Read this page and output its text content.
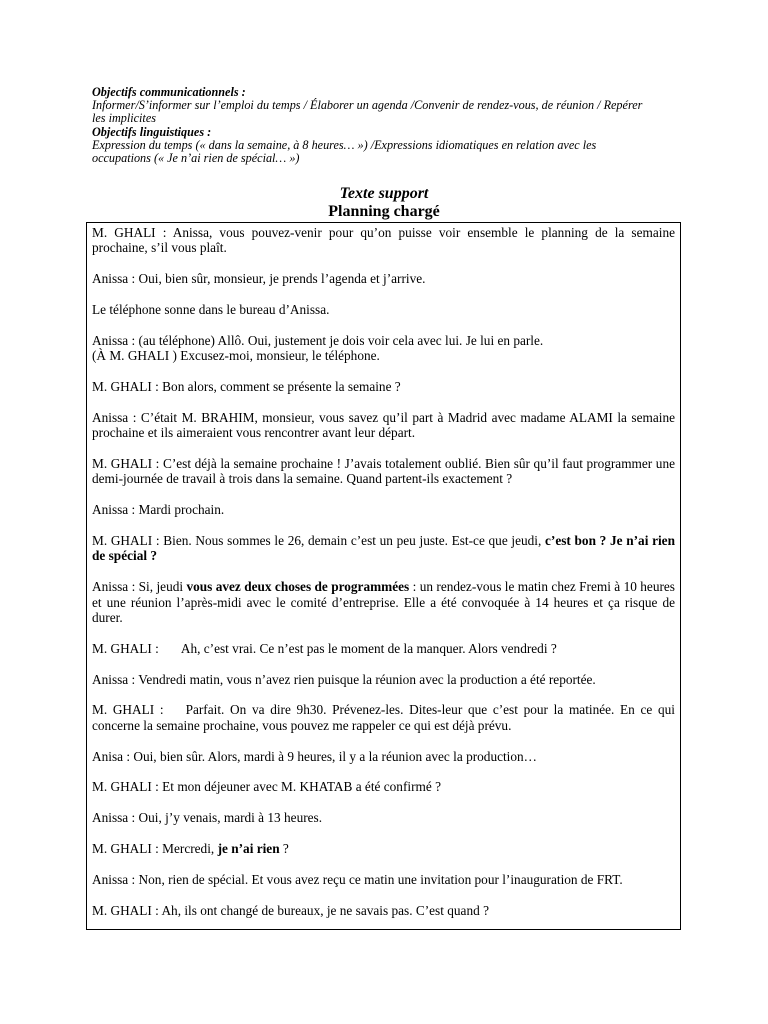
Objectifs communicationnels :
Informer/S’informer sur l’emploi du temps / Élaborer un agenda /Convenir de rendez-vous, de réunion / Repérer les implicites
Objectifs linguistiques :
Expression du temps (« dans la semaine, à 8 heures… ») /Expressions idiomatiques en relation avec les occupations (« Je n’ai rien de spécial… »)
Texte support
Planning chargé

M. GHALI : Anissa, vous pouvez-venir pour qu’on puisse voir ensemble le planning de la semaine prochaine, s’il vous plaît.

Anissa : Oui, bien sûr, monsieur, je prends l’agenda et j’arrive.

Le téléphone sonne dans le bureau d’Anissa.

Anissa : (au téléphone) Allô. Oui, justement je dois voir cela avec lui. Je lui en parle.
(À M. GHALI ) Excusez-moi, monsieur, le téléphone.

M. GHALI : Bon alors, comment se présente la semaine ?

Anissa : C’était M. BRAHIM, monsieur, vous savez qu’il part à Madrid avec madame ALAMI la semaine prochaine et ils aimeraient vous rencontrer avant leur départ.

M. GHALI : C’est déjà la semaine prochaine ! J’avais totalement oublié. Bien sûr qu’il faut programmer une demi-journée de travail à trois dans la semaine. Quand partent-ils exactement ?

Anissa : Mardi prochain.

M. GHALI : Bien. Nous sommes le 26, demain c’est un peu juste. Est-ce que jeudi, c’est bon ? Je n’ai rien de spécial ?

Anissa : Si, jeudi vous avez deux choses de programmées : un rendez-vous le matin chez Fremi à 10 heures et une réunion l’après-midi avec le comité d’entreprise. Elle a été convoquée à 14 heures et ça risque de durer.

M. GHALI : Ah, c’est vrai. Ce n’est pas le moment de la manquer. Alors vendredi ?

Anissa : Vendredi matin, vous n’avez rien puisque la réunion avec la production a été reportée.

M. GHALI : Parfait. On va dire 9h30. Prévenez-les. Dites-leur que c’est pour la matinée. En ce qui concerne la semaine prochaine, vous pouvez me rappeler ce qui est déjà prévu.

Anisa : Oui, bien sûr. Alors, mardi à 9 heures, il y a la réunion avec la production…

M. GHALI : Et mon déjeuner avec M. KHATAB a été confirmé ?

Anissa : Oui, j’y venais, mardi à 13 heures.

M. GHALI : Mercredi, je n’ai rien ?

Anissa : Non, rien de spécial. Et vous avez reçu ce matin une invitation pour l’inauguration de FRT.

M. GHALI : Ah, ils ont changé de bureaux, je ne savais pas. C’est quand ?
